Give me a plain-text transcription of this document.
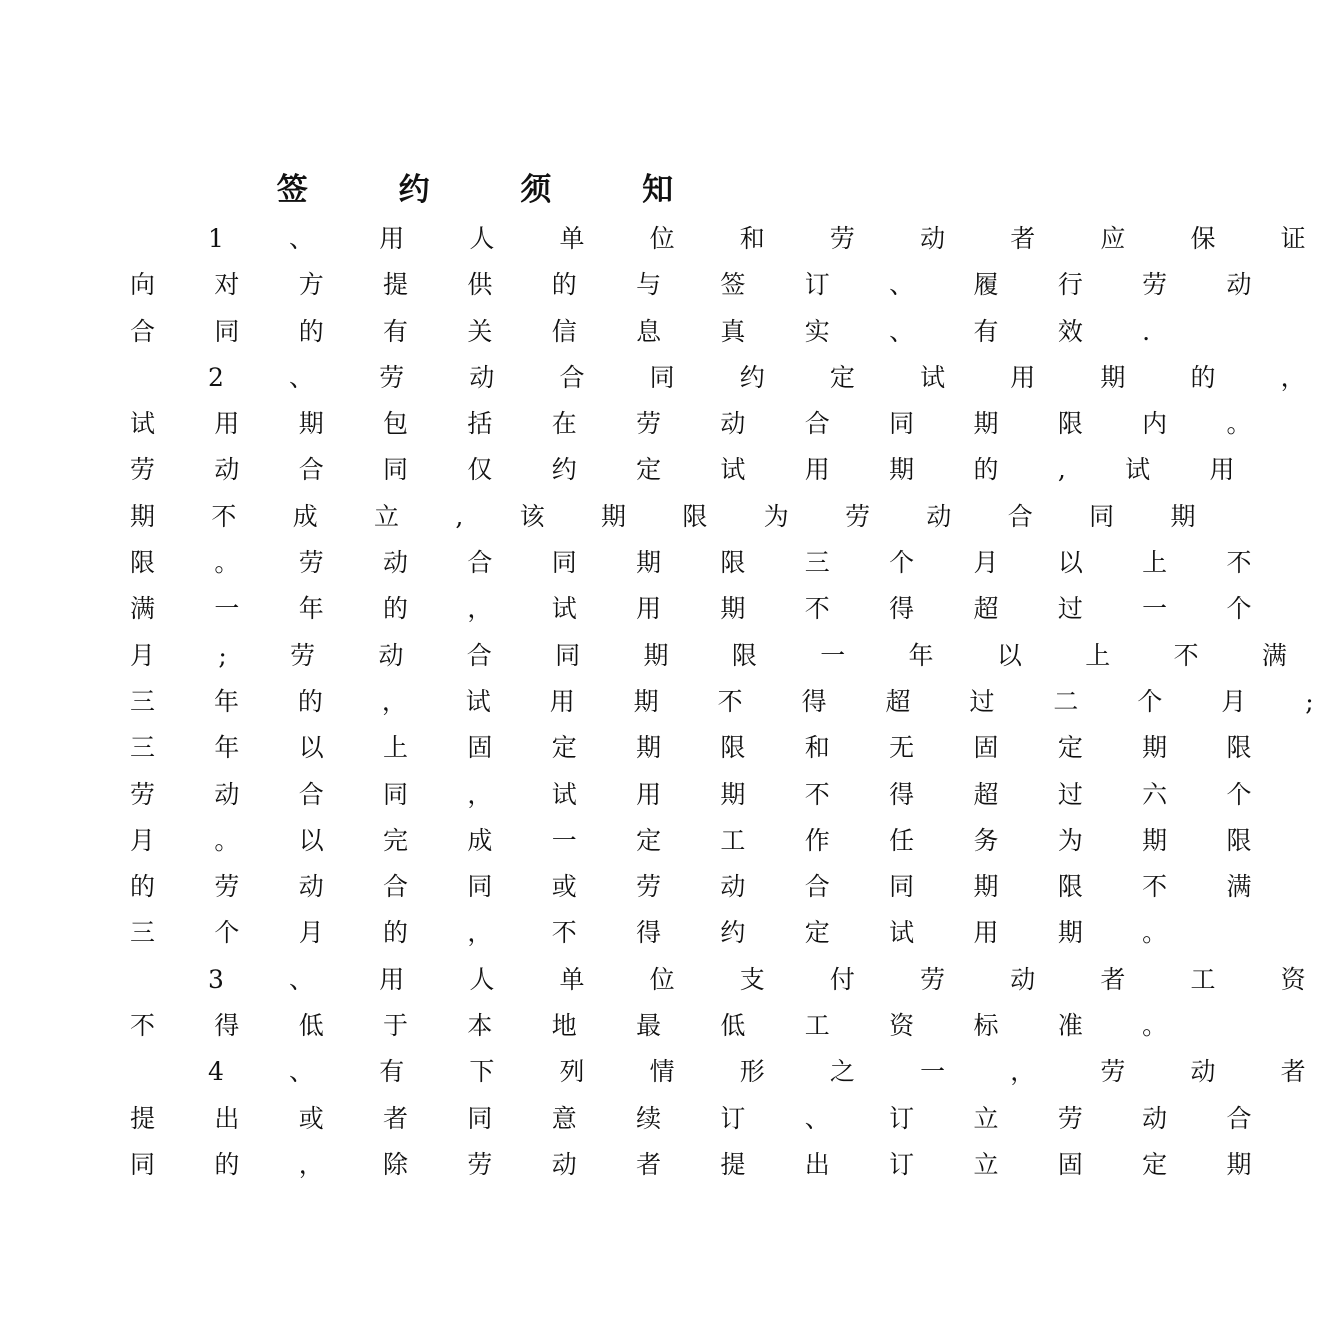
签 约 须 知
1 、 用 人 单 位 和 劳 动 者 应 保 证
向 对 方 提 供 的 与 签 订 、 履 行 劳 动
合 同 的 有 关 信 息 真 实 、 有 效 .
2 、 劳 动 合 同 约 定 试 用 期 的 ，
试 用 期 包 括 在 劳 动 合 同 期 限 内 。
劳 动 合 同 仅 约 定 试 用 期 的 , 试 用
期 不 成 立 , 该 期 限 为 劳 动 合 同 期
限 。 劳 动 合 同 期 限 三 个 月 以 上 不
满 一 年 的 ， 试 用 期 不 得 超 过 一 个
月 ; 劳 动 合 同 期 限 一 年 以 上 不 满
三 年 的 ， 试 用 期 不 得 超 过 二 个 月 ;
三 年 以 上 固 定 期 限 和 无 固 定 期 限
劳 动 合 同 ， 试 用 期 不 得 超 过 六 个
月 。 以 完 成 一 定 工 作 任 务 为 期 限
的 劳 动 合 同 或 劳 动 合 同 期 限 不 满
三 个 月 的 ， 不 得 约 定 试 用 期 。
3 、 用 人 单 位 支 付 劳 动 者 工 资
不 得 低 于 本 地 最 低 工 资 标 准 。
4 、 有 下 列 情 形 之 一 ， 劳 动 者
提 出 或 者 同 意 续 订 、 订 立 劳 动 合
同 的 ， 除 劳 动 者 提 出 订 立 固 定 期
